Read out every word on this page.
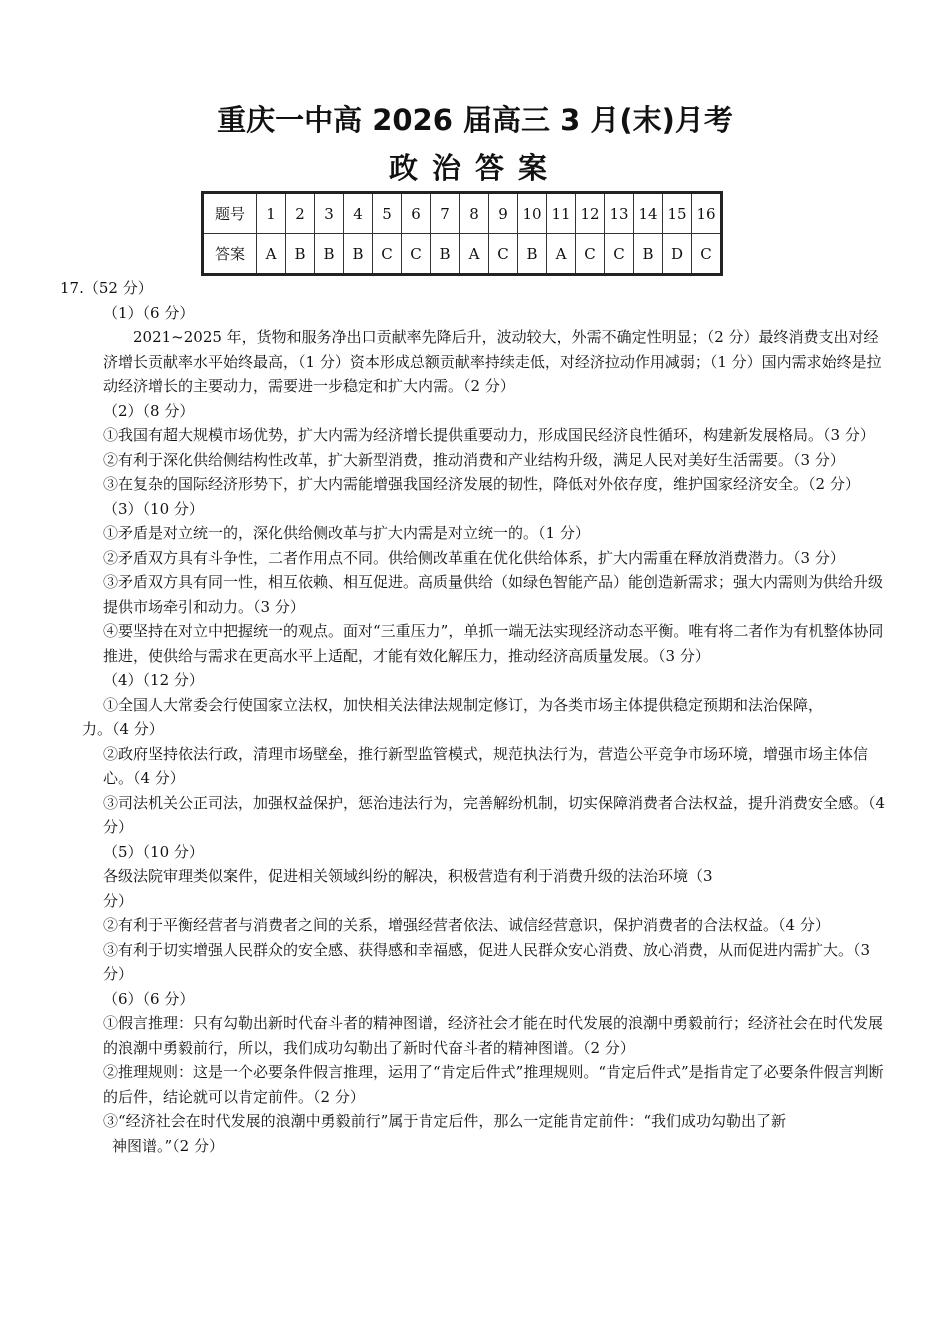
重庆一中高 2026 届高三 3 月(末)月考
政治答案
题号	1	2	3	4	5	6	7	8	9	10	11	12	13	14	15	16
答案	A	B	B	B	C	C	B	A	C	B	A	C	C	B	D	C

17.（52 分）

（1）（6 分）

2021~2025 年，货物和服务净出口贡献率先降后升，波动较大，外需不确定性明显；（2 分）最终消费支出对经济增长贡献率水平始终最高，（1 分）资本形成总额贡献率持续走低，对经济拉动作用减弱；（1 分）国内需求始终是拉动经济增长的主要动力，需要进一步稳定和扩大内需。（2 分）

（2）（8 分）

①我国有超大规模市场优势，扩大内需为经济增长提供重要动力，形成国民经济良性循环，构建新发展格局。（3 分）

②有利于深化供给侧结构性改革，扩大新型消费，推动消费和产业结构升级，满足人民对美好生活需要。（3 分）

③在复杂的国际经济形势下，扩大内需能增强我国经济发展的韧性，降低对外依存度，维护国家经济安全。（2 分）

（3）（10 分）

①矛盾是对立统一的，深化供给侧改革与扩大内需是对立统一的。（1 分）

②矛盾双方具有斗争性，二者作用点不同。供给侧改革重在优化供给体系，扩大内需重在释放消费潜力。（3 分）

③矛盾双方具有同一性，相互依赖、相互促进。高质量供给（如绿色智能产品）能创造新需求；强大内需则为供给升级提供市场牵引和动力。（3 分）

④要坚持在对立中把握统一的观点。面对“三重压力”，单抓一端无法实现经济动态平衡。唯有将二者作为有机整体协同推进，使供给与需求在更高水平上适配，才能有效化解压力，推动经济高质量发展。（3 分）

（4）（12 分）

①全国人大常委会行使国家立法权，加快相关法律法规制定修订，为各类市场主体提供稳定预期和法治保障，

力。（4 分）

②政府坚持依法行政，清理市场壁垒，推行新型监管模式，规范执法行为，营造公平竞争市场环境，增强市场主体信心。（4 分）

③司法机关公正司法，加强权益保护，惩治违法行为，完善解纷机制，切实保障消费者合法权益，提升消费安全感。（4 分）

（5）（10 分）

各级法院审理类似案件，促进相关领域纠纷的解决，积极营造有利于消费升级的法治环境（3

分）

②有利于平衡经营者与消费者之间的关系，增强经营者依法、诚信经营意识，保护消费者的合法权益。（4 分）

③有利于切实增强人民群众的安全感、获得感和幸福感，促进人民群众安心消费、放心消费，从而促进内需扩大。（3 分）

（6）（6 分）

①假言推理：只有勾勒出新时代奋斗者的精神图谱，经济社会才能在时代发展的浪潮中勇毅前行；经济社会在时代发展的浪潮中勇毅前行，所以，我们成功勾勒出了新时代奋斗者的精神图谱。（2 分）

②推理规则：这是一个必要条件假言推理，运用了“肯定后件式”推理规则。“肯定后件式”是指肯定了必要条件假言判断的后件，结论就可以肯定前件。（2 分）

③“经济社会在时代发展的浪潮中勇毅前行”属于肯定后件，那么一定能肯定前件：“我们成功勾勒出了新

神图谱。”（2 分）
